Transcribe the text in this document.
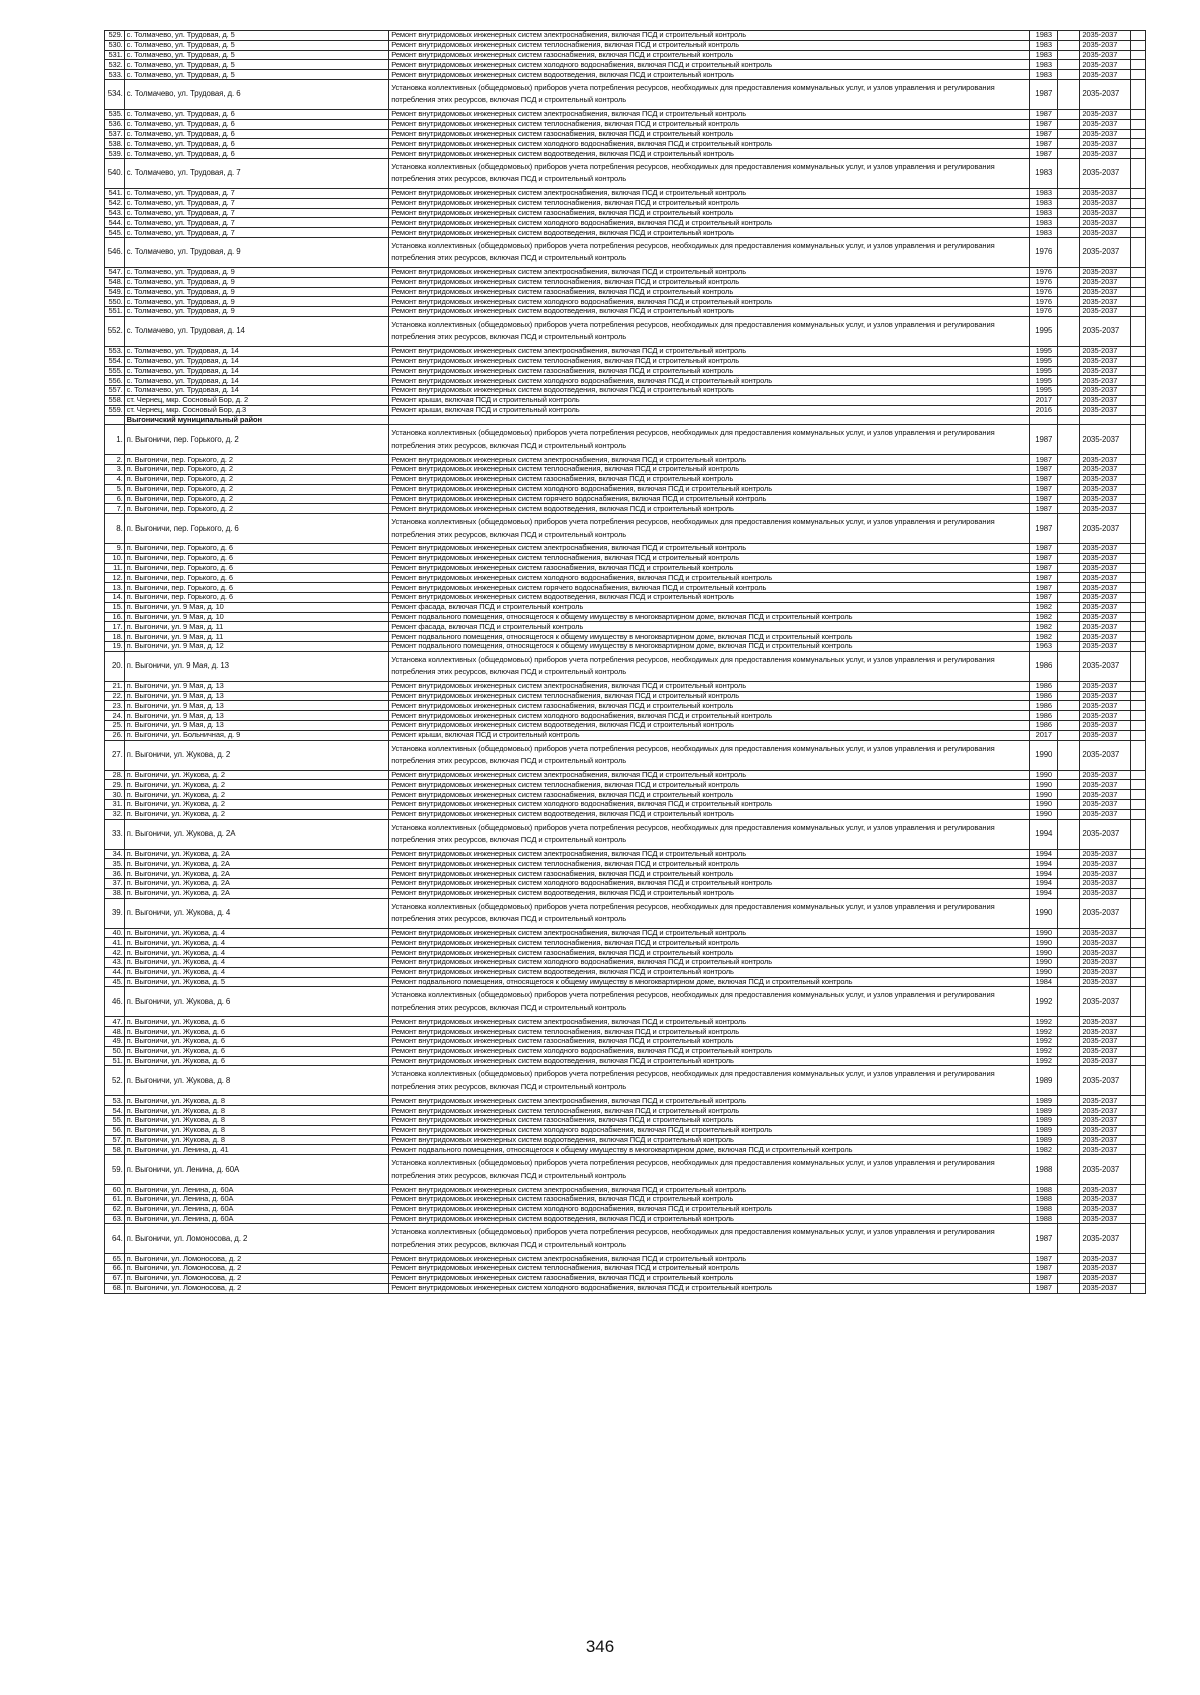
529.	с. Толмачево, ул. Трудовая, д. 5	Ремонт внутридомовых инженерных систем электроснабжения, включая ПСД и строительный контроль	1983		2035-2037	
530.	с. Толмачево, ул. Трудовая, д. 5	Ремонт внутридомовых инженерных систем теплоснабжения, включая ПСД и строительный контроль	1983		2035-2037	
531.	с. Толмачево, ул. Трудовая, д. 5	Ремонт внутридомовых инженерных систем газоснабжения, включая ПСД и строительный контроль	1983		2035-2037	
532.	с. Толмачево, ул. Трудовая, д. 5	Ремонт внутридомовых инженерных систем холодного водоснабжения, включая ПСД и строительный контроль	1983		2035-2037	
533.	с. Толмачево, ул. Трудовая, д. 5	Ремонт внутридомовых инженерных систем водоотведения, включая ПСД и строительный контроль	1983		2035-2037	
534.	с. Толмачево, ул. Трудовая, д. 6	Установка коллективных (общедомовых) приборов учета потребления ресурсов, необходимых для предоставления коммунальных услуг, и узлов управления и регулирования потребления этих ресурсов, включая ПСД и строительный контроль	1987		2035-2037	
535.	с. Толмачево, ул. Трудовая, д. 6	Ремонт внутридомовых инженерных систем электроснабжения, включая ПСД и строительный контроль	1987		2035-2037	
536.	с. Толмачево, ул. Трудовая, д. 6	Ремонт внутридомовых инженерных систем теплоснабжения, включая ПСД и строительный контроль	1987		2035-2037	
537.	с. Толмачево, ул. Трудовая, д. 6	Ремонт внутридомовых инженерных систем газоснабжения, включая ПСД и строительный контроль	1987		2035-2037	
538.	с. Толмачево, ул. Трудовая, д. 6	Ремонт внутридомовых инженерных систем холодного водоснабжения, включая ПСД и строительный контроль	1987		2035-2037	
539.	с. Толмачево, ул. Трудовая, д. 6	Ремонт внутридомовых инженерных систем водоотведения, включая ПСД и строительный контроль	1987		2035-2037	
540.	с. Толмачево, ул. Трудовая, д. 7	Установка коллективных (общедомовых) приборов учета потребления ресурсов, необходимых для предоставления коммунальных услуг, и узлов управления и регулирования потребления этих ресурсов, включая ПСД и строительный контроль	1983		2035-2037	
541.	с. Толмачево, ул. Трудовая, д. 7	Ремонт внутридомовых инженерных систем электроснабжения, включая ПСД и строительный контроль	1983		2035-2037	
542.	с. Толмачево, ул. Трудовая, д. 7	Ремонт внутридомовых инженерных систем теплоснабжения, включая ПСД и строительный контроль	1983		2035-2037	
543.	с. Толмачево, ул. Трудовая, д. 7	Ремонт внутридомовых инженерных систем газоснабжения, включая ПСД и строительный контроль	1983		2035-2037	
544.	с. Толмачево, ул. Трудовая, д. 7	Ремонт внутридомовых инженерных систем холодного водоснабжения, включая ПСД и строительный контроль	1983		2035-2037	
545.	с. Толмачево, ул. Трудовая, д. 7	Ремонт внутридомовых инженерных систем водоотведения, включая ПСД и строительный контроль	1983		2035-2037	
546.	с. Толмачево, ул. Трудовая, д. 9	Установка коллективных (общедомовых) приборов учета потребления ресурсов, необходимых для предоставления коммунальных услуг, и узлов управления и регулирования потребления этих ресурсов, включая ПСД и строительный контроль	1976		2035-2037	
547.	с. Толмачево, ул. Трудовая, д. 9	Ремонт внутридомовых инженерных систем электроснабжения, включая ПСД и строительный контроль	1976		2035-2037	
548.	с. Толмачево, ул. Трудовая, д. 9	Ремонт внутридомовых инженерных систем теплоснабжения, включая ПСД и строительный контроль	1976		2035-2037	
549.	с. Толмачево, ул. Трудовая, д. 9	Ремонт внутридомовых инженерных систем газоснабжения, включая ПСД и строительный контроль	1976		2035-2037	
550.	с. Толмачево, ул. Трудовая, д. 9	Ремонт внутридомовых инженерных систем холодного водоснабжения, включая ПСД и строительный контроль	1976		2035-2037	
551.	с. Толмачево, ул. Трудовая, д. 9	Ремонт внутридомовых инженерных систем водоотведения, включая ПСД и строительный контроль	1976		2035-2037	
552.	с. Толмачево, ул. Трудовая, д. 14	Установка коллективных (общедомовых) приборов учета потребления ресурсов, необходимых для предоставления коммунальных услуг, и узлов управления и регулирования потребления этих ресурсов, включая ПСД и строительный контроль	1995		2035-2037	
553.	с. Толмачево, ул. Трудовая, д. 14	Ремонт внутридомовых инженерных систем электроснабжения, включая ПСД и строительный контроль	1995		2035-2037	
554.	с. Толмачево, ул. Трудовая, д. 14	Ремонт внутридомовых инженерных систем теплоснабжения, включая ПСД и строительный контроль	1995		2035-2037	
555.	с. Толмачево, ул. Трудовая, д. 14	Ремонт внутридомовых инженерных систем газоснабжения, включая ПСД и строительный контроль	1995		2035-2037	
556.	с. Толмачево, ул. Трудовая, д. 14	Ремонт внутридомовых инженерных систем холодного водоснабжения, включая ПСД и строительный контроль	1995		2035-2037	
557.	с. Толмачево, ул. Трудовая, д. 14	Ремонт внутридомовых инженерных систем водоотведения, включая ПСД и строительный контроль	1995		2035-2037	
558.	ст. Чернец, мкр. Сосновый Бор, д. 2	Ремонт крыши, включая ПСД и строительный контроль	2017		2035-2037	
559.	ст. Чернец, мкр. Сосновый Бор, д.3	Ремонт крыши, включая ПСД и строительный контроль	2016		2035-2037	
	Выгоничский муниципальный район					
1.	п. Выгоничи, пер. Горького, д. 2	Установка коллективных (общедомовых) приборов учета потребления ресурсов, необходимых для предоставления коммунальных услуг, и узлов управления и регулирования потребления этих ресурсов, включая ПСД и строительный контроль	1987		2035-2037	
2.	п. Выгоничи, пер. Горького, д. 2	Ремонт внутридомовых инженерных систем электроснабжения, включая ПСД и строительный контроль	1987		2035-2037	
3.	п. Выгоничи, пер. Горького, д. 2	Ремонт внутридомовых инженерных систем теплоснабжения, включая ПСД и строительный контроль	1987		2035-2037	
4.	п. Выгоничи, пер. Горького, д. 2	Ремонт внутридомовых инженерных систем газоснабжения, включая ПСД и строительный контроль	1987		2035-2037	
5.	п. Выгоничи, пер. Горького, д. 2	Ремонт внутридомовых инженерных систем холодного водоснабжения, включая ПСД и строительный контроль	1987		2035-2037	
6.	п. Выгоничи, пер. Горького, д. 2	Ремонт внутридомовых инженерных систем горячего водоснабжения, включая ПСД и строительный контроль	1987		2035-2037	
7.	п. Выгоничи, пер. Горького, д. 2	Ремонт внутридомовых инженерных систем водоотведения, включая ПСД и строительный контроль	1987		2035-2037	
8.	п. Выгоничи, пер. Горького, д. 6	Установка коллективных (общедомовых) приборов учета потребления ресурсов, необходимых для предоставления коммунальных услуг, и узлов управления и регулирования потребления этих ресурсов, включая ПСД и строительный контроль	1987		2035-2037	
9.	п. Выгоничи, пер. Горького, д. 6	Ремонт внутридомовых инженерных систем электроснабжения, включая ПСД и строительный контроль	1987		2035-2037	
10.	п. Выгоничи, пер. Горького, д. 6	Ремонт внутридомовых инженерных систем теплоснабжения, включая ПСД и строительный контроль	1987		2035-2037	
11.	п. Выгоничи, пер. Горького, д. 6	Ремонт внутридомовых инженерных систем газоснабжения, включая ПСД и строительный контроль	1987		2035-2037	
12.	п. Выгоничи, пер. Горького, д. 6	Ремонт внутридомовых инженерных систем холодного водоснабжения, включая ПСД и строительный контроль	1987		2035-2037	
13.	п. Выгоничи, пер. Горького, д. 6	Ремонт внутридомовых инженерных систем горячего водоснабжения, включая ПСД и строительный контроль	1987		2035-2037	
14.	п. Выгоничи, пер. Горького, д. 6	Ремонт внутридомовых инженерных систем водоотведения, включая ПСД и строительный контроль	1987		2035-2037	
15.	п. Выгоничи, ул. 9 Мая, д. 10	Ремонт фасада, включая ПСД и строительный контроль	1982		2035-2037	
16.	п. Выгоничи, ул. 9 Мая, д. 10	Ремонт подвального помещения, относящегося к общему имуществу в многоквартирном доме, включая ПСД и строительный контроль	1982		2035-2037	
17.	п. Выгоничи, ул. 9 Мая, д. 11	Ремонт фасада, включая ПСД и строительный контроль	1982		2035-2037	
18.	п. Выгоничи, ул. 9 Мая, д. 11	Ремонт подвального помещения, относящегося к общему имуществу в многоквартирном доме, включая ПСД и строительный контроль	1982		2035-2037	
19.	п. Выгоничи, ул. 9 Мая, д. 12	Ремонт подвального помещения, относящегося к общему имуществу в многоквартирном доме, включая ПСД и строительный контроль	1963		2035-2037	
20.	п. Выгоничи, ул. 9 Мая, д. 13	Установка коллективных (общедомовых) приборов учета потребления ресурсов, необходимых для предоставления коммунальных услуг, и узлов управления и регулирования потребления этих ресурсов, включая ПСД и строительный контроль	1986		2035-2037	
21.	п. Выгоничи, ул. 9 Мая, д. 13	Ремонт внутридомовых инженерных систем электроснабжения, включая ПСД и строительный контроль	1986		2035-2037	
22.	п. Выгоничи, ул. 9 Мая, д. 13	Ремонт внутридомовых инженерных систем теплоснабжения, включая ПСД и строительный контроль	1986		2035-2037	
23.	п. Выгоничи, ул. 9 Мая, д. 13	Ремонт внутридомовых инженерных систем газоснабжения, включая ПСД и строительный контроль	1986		2035-2037	
24.	п. Выгоничи, ул. 9 Мая, д. 13	Ремонт внутридомовых инженерных систем холодного водоснабжения, включая ПСД и строительный контроль	1986		2035-2037	
25.	п. Выгоничи, ул. 9 Мая, д. 13	Ремонт внутридомовых инженерных систем водоотведения, включая ПСД и строительный контроль	1986		2035-2037	
26.	п. Выгоничи, ул. Больничная, д. 9	Ремонт крыши, включая ПСД и строительный контроль	2017		2035-2037	
27.	п. Выгоничи, ул. Жукова, д. 2	Установка коллективных (общедомовых) приборов учета потребления ресурсов, необходимых для предоставления коммунальных услуг, и узлов управления и регулирования потребления этих ресурсов, включая ПСД и строительный контроль	1990		2035-2037	
28.	п. Выгоничи, ул. Жукова, д. 2	Ремонт внутридомовых инженерных систем электроснабжения, включая ПСД и строительный контроль	1990		2035-2037	
29.	п. Выгоничи, ул. Жукова, д. 2	Ремонт внутридомовых инженерных систем теплоснабжения, включая ПСД и строительный контроль	1990		2035-2037	
30.	п. Выгоничи, ул. Жукова, д. 2	Ремонт внутридомовых инженерных систем газоснабжения, включая ПСД и строительный контроль	1990		2035-2037	
31.	п. Выгоничи, ул. Жукова, д. 2	Ремонт внутридомовых инженерных систем холодного водоснабжения, включая ПСД и строительный контроль	1990		2035-2037	
32.	п. Выгоничи, ул. Жукова, д. 2	Ремонт внутридомовых инженерных систем водоотведения, включая ПСД и строительный контроль	1990		2035-2037	
33.	п. Выгоничи, ул. Жукова, д. 2А	Установка коллективных (общедомовых) приборов учета потребления ресурсов, необходимых для предоставления коммунальных услуг, и узлов управления и регулирования потребления этих ресурсов, включая ПСД и строительный контроль	1994		2035-2037	
34.	п. Выгоничи, ул. Жукова, д. 2А	Ремонт внутридомовых инженерных систем электроснабжения, включая ПСД и строительный контроль	1994		2035-2037	
35.	п. Выгоничи, ул. Жукова, д. 2А	Ремонт внутридомовых инженерных систем теплоснабжения, включая ПСД и строительный контроль	1994		2035-2037	
36.	п. Выгоничи, ул. Жукова, д. 2А	Ремонт внутридомовых инженерных систем газоснабжения, включая ПСД и строительный контроль	1994		2035-2037	
37.	п. Выгоничи, ул. Жукова, д. 2А	Ремонт внутридомовых инженерных систем холодного водоснабжения, включая ПСД и строительный контроль	1994		2035-2037	
38.	п. Выгоничи, ул. Жукова, д. 2А	Ремонт внутридомовых инженерных систем водоотведения, включая ПСД и строительный контроль	1994		2035-2037	
39.	п. Выгоничи, ул. Жукова, д. 4	Установка коллективных (общедомовых) приборов учета потребления ресурсов, необходимых для предоставления коммунальных услуг, и узлов управления и регулирования потребления этих ресурсов, включая ПСД и строительный контроль	1990		2035-2037	
40.	п. Выгоничи, ул. Жукова, д. 4	Ремонт внутридомовых инженерных систем электроснабжения, включая ПСД и строительный контроль	1990		2035-2037	
41.	п. Выгоничи, ул. Жукова, д. 4	Ремонт внутридомовых инженерных систем теплоснабжения, включая ПСД и строительный контроль	1990		2035-2037	
42.	п. Выгоничи, ул. Жукова, д. 4	Ремонт внутридомовых инженерных систем газоснабжения, включая ПСД и строительный контроль	1990		2035-2037	
43.	п. Выгоничи, ул. Жукова, д. 4	Ремонт внутридомовых инженерных систем холодного водоснабжения, включая ПСД и строительный контроль	1990		2035-2037	
44.	п. Выгоничи, ул. Жукова, д. 4	Ремонт внутридомовых инженерных систем водоотведения, включая ПСД и строительный контроль	1990		2035-2037	
45.	п. Выгоничи, ул. Жукова, д. 5	Ремонт подвального помещения, относящегося к общему имуществу в многоквартирном доме, включая ПСД и строительный контроль	1984		2035-2037	
46.	п. Выгоничи, ул. Жукова, д. 6	Установка коллективных (общедомовых) приборов учета потребления ресурсов, необходимых для предоставления коммунальных услуг, и узлов управления и регулирования потребления этих ресурсов, включая ПСД и строительный контроль	1992		2035-2037	
47.	п. Выгоничи, ул. Жукова, д. 6	Ремонт внутридомовых инженерных систем электроснабжения, включая ПСД и строительный контроль	1992		2035-2037	
48.	п. Выгоничи, ул. Жукова, д. 6	Ремонт внутридомовых инженерных систем теплоснабжения, включая ПСД и строительный контроль	1992		2035-2037	
49.	п. Выгоничи, ул. Жукова, д. 6	Ремонт внутридомовых инженерных систем газоснабжения, включая ПСД и строительный контроль	1992		2035-2037	
50.	п. Выгоничи, ул. Жукова, д. 6	Ремонт внутридомовых инженерных систем холодного водоснабжения, включая ПСД и строительный контроль	1992		2035-2037	
51.	п. Выгоничи, ул. Жукова, д. 6	Ремонт внутридомовых инженерных систем водоотведения, включая ПСД и строительный контроль	1992		2035-2037	
52.	п. Выгоничи, ул. Жукова, д. 8	Установка коллективных (общедомовых) приборов учета потребления ресурсов, необходимых для предоставления коммунальных услуг, и узлов управления и регулирования потребления этих ресурсов, включая ПСД и строительный контроль	1989		2035-2037	
53.	п. Выгоничи, ул. Жукова, д. 8	Ремонт внутридомовых инженерных систем электроснабжения, включая ПСД и строительный контроль	1989		2035-2037	
54.	п. Выгоничи, ул. Жукова, д. 8	Ремонт внутридомовых инженерных систем теплоснабжения, включая ПСД и строительный контроль	1989		2035-2037	
55.	п. Выгоничи, ул. Жукова, д. 8	Ремонт внутридомовых инженерных систем газоснабжения, включая ПСД и строительный контроль	1989		2035-2037	
56.	п. Выгоничи, ул. Жукова, д. 8	Ремонт внутридомовых инженерных систем холодного водоснабжения, включая ПСД и строительный контроль	1989		2035-2037	
57.	п. Выгоничи, ул. Жукова, д. 8	Ремонт внутридомовых инженерных систем водоотведения, включая ПСД и строительный контроль	1989		2035-2037	
58.	п. Выгоничи, ул. Ленина, д. 41	Ремонт подвального помещения, относящегося к общему имуществу в многоквартирном доме, включая ПСД и строительный контроль	1982		2035-2037	
59.	п. Выгоничи, ул. Ленина, д. 60А	Установка коллективных (общедомовых) приборов учета потребления ресурсов, необходимых для предоставления коммунальных услуг, и узлов управления и регулирования потребления этих ресурсов, включая ПСД и строительный контроль	1988		2035-2037	
60.	п. Выгоничи, ул. Ленина, д. 60А	Ремонт внутридомовых инженерных систем электроснабжения, включая ПСД и строительный контроль	1988		2035-2037	
61.	п. Выгоничи, ул. Ленина, д. 60А	Ремонт внутридомовых инженерных систем газоснабжения, включая ПСД и строительный контроль	1988		2035-2037	
62.	п. Выгоничи, ул. Ленина, д. 60А	Ремонт внутридомовых инженерных систем холодного водоснабжения, включая ПСД и строительный контроль	1988		2035-2037	
63.	п. Выгоничи, ул. Ленина, д. 60А	Ремонт внутридомовых инженерных систем водоотведения, включая ПСД и строительный контроль	1988		2035-2037	
64.	п. Выгоничи, ул. Ломоносова, д. 2	Установка коллективных (общедомовых) приборов учета потребления ресурсов, необходимых для предоставления коммунальных услуг, и узлов управления и регулирования потребления этих ресурсов, включая ПСД и строительный контроль	1987		2035-2037	
65.	п. Выгоничи, ул. Ломоносова, д. 2	Ремонт внутридомовых инженерных систем электроснабжения, включая ПСД и строительный контроль	1987		2035-2037	
66.	п. Выгоничи, ул. Ломоносова, д. 2	Ремонт внутридомовых инженерных систем теплоснабжения, включая ПСД и строительный контроль	1987		2035-2037	
67.	п. Выгоничи, ул. Ломоносова, д. 2	Ремонт внутридомовых инженерных систем газоснабжения, включая ПСД и строительный контроль	1987		2035-2037	
68.	п. Выгоничи, ул. Ломоносова, д. 2	Ремонт внутридомовых инженерных систем холодного водоснабжения, включая ПСД и строительный контроль	1987		2035-2037	
346
